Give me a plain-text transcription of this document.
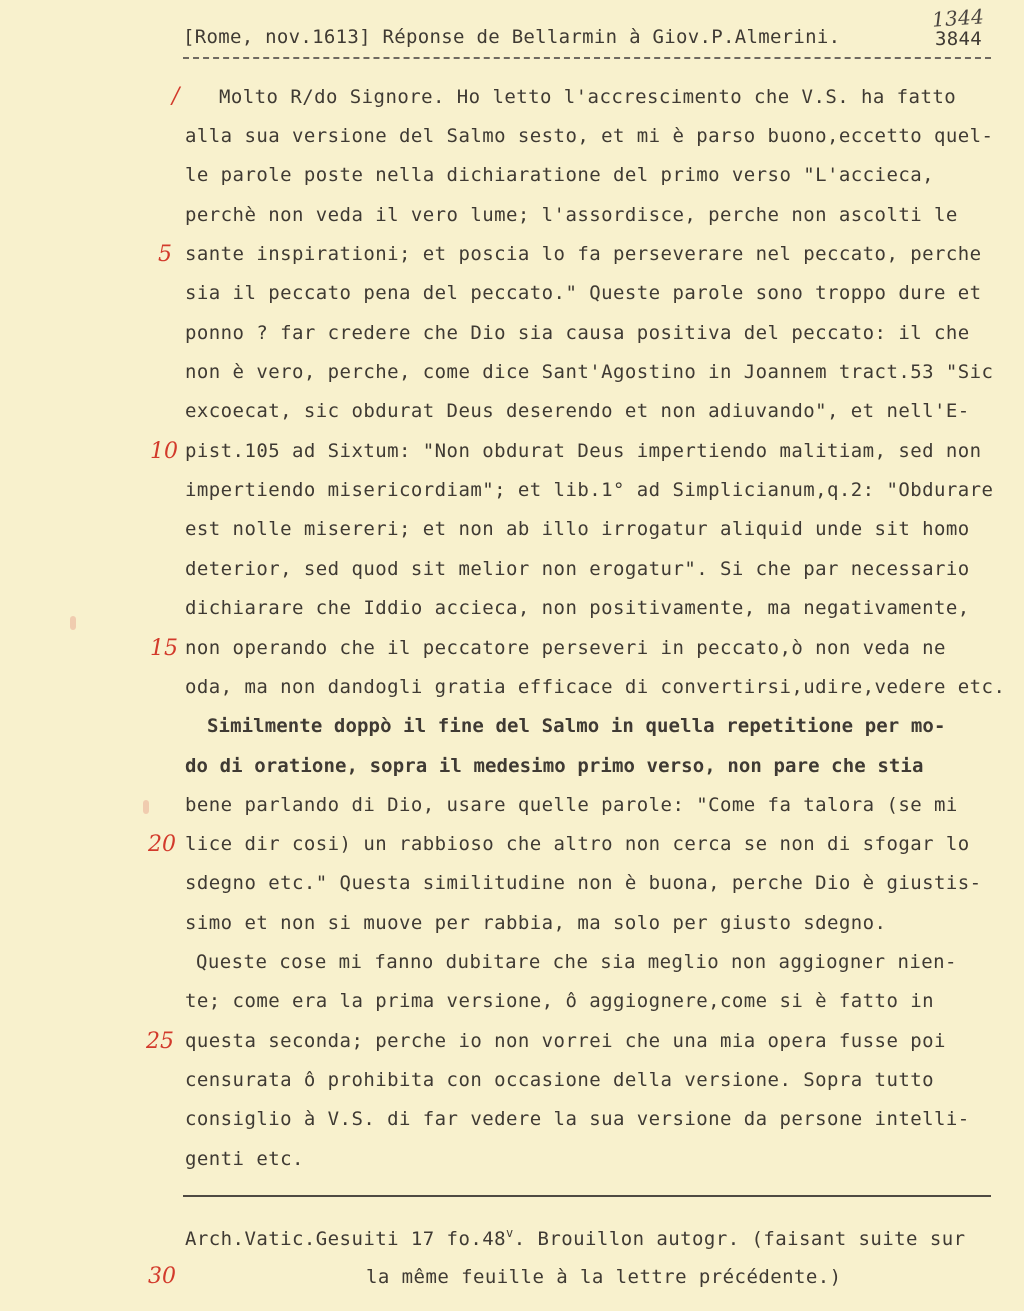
[Rome, nov.1613] Réponse de Bellarmin à Giov.P.Almerini.	3844
1344
Molto R/do Signore. Ho letto l'accrescimento che V.S. ha fatto
alla sua versione del Salmo sesto, et mi è parso buono,eccetto quel-
le parole poste nella dichiaratione del primo verso "L'accieca,
perchè non veda il vero lume; l'assordisce, perche non ascolti le
sante inspirationi; et poscia lo fa perseverare nel peccato, perche
sia il peccato pena del peccato." Queste parole sono troppo dure et
ponno ? far credere che Dio sia causa positiva del peccato: il che
non è vero, perche, come dice Sant'Agostino in Joannem tract.53 "Sic
excoecat, sic obdurat Deus deserendo et non adiuvando", et nell'E-
pist.105 ad Sixtum: "Non obdurat Deus impertiendo malitiam, sed non
impertiendo misericordiam"; et lib.1° ad Simplicianum,q.2: "Obdurare
est nolle misereri; et non ab illo irrogatur aliquid unde sit homo
deterior, sed quod sit melior non erogatur". Si che par necessario
dichiarare che Iddio accieca, non positivamente, ma negativamente,
non operando che il peccatore perseveri in peccato,ò non veda ne
oda, ma non dandogli gratia efficace di convertirsi,udire,vedere etc.
Similmente doppò il fine del Salmo in quella repetitione per mo-
do di oratione, sopra il medesimo primo verso, non pare che stia
bene parlando di Dio, usare quelle parole: "Come fa talora (se mi
lice dir cosi) un rabbioso che altro non cerca se non di sfogar lo
sdegno etc." Questa similitudine non è buona, perche Dio è giustis-
simo et non si muove per rabbia, ma solo per giusto sdegno.
Queste cose mi fanno dubitare che sia meglio non aggiogner nien-
te; come era la prima versione, ô aggiognere,come si è fatto in
questa seconda; perche io non vorrei che una mia opera fusse poi
censurata ô prohibita con occasione della versione. Sopra tutto
consiglio à V.S. di far vedere la sua versione da persone intelli-
genti etc.
/
5
10
15
20
25
Arch.Vatic.Gesuiti 17 fo.48$^v$. Brouillon autogr. (faisant suite sur
la même feuille à la lettre précédente.)
30
